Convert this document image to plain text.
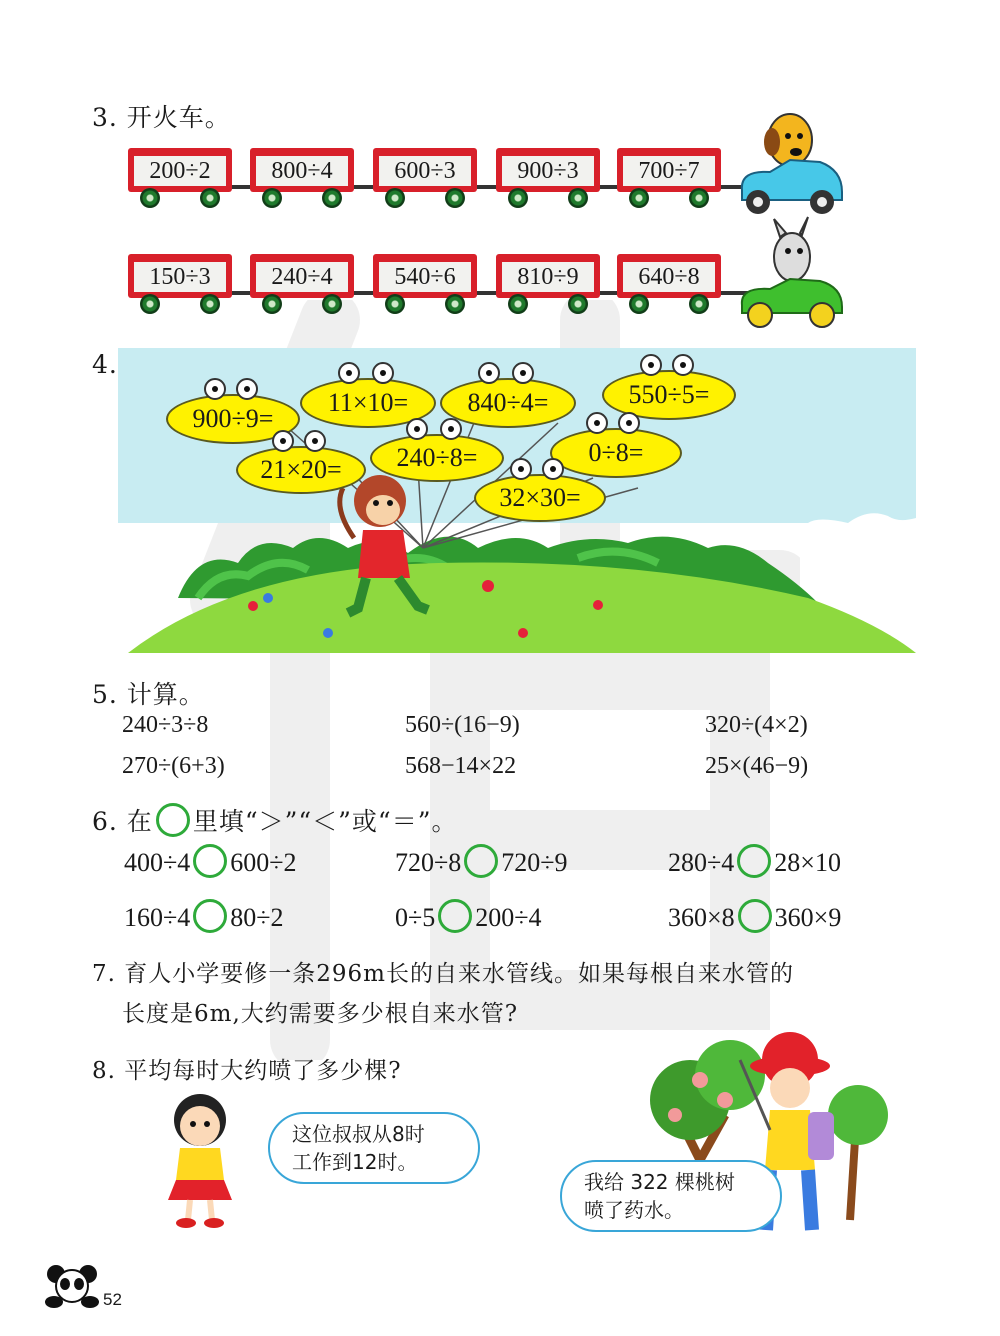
3. 开火车。
200÷2	800÷4	600÷3	900÷3	700÷7
150÷3	240÷4	540÷6	810÷9	640÷8
4.
900÷9=
11×10=	840÷4=	550÷5=
21×20=	240÷8=	0÷8=
32×30=
5. 计算。
240÷3÷8	560÷(16−9)	320÷(4×2)
270÷(6+3)	568−14×22	25×(46−9)
6. 在 里填“＞”“＜”或“＝”。
400÷4 600÷2	720÷8 720÷9	280÷4 28×10
160÷4 80÷2	0÷5 200÷4	360×8 360×9
7. 育人小学要修一条296m长的自来水管线。如果每根自来水管的
长度是6m,大约需要多少根自来水管?
8. 平均每时大约喷了多少棵?
这位叔叔从8时
工作到12时。
我给 322 棵桃树
喷了药水。
52
